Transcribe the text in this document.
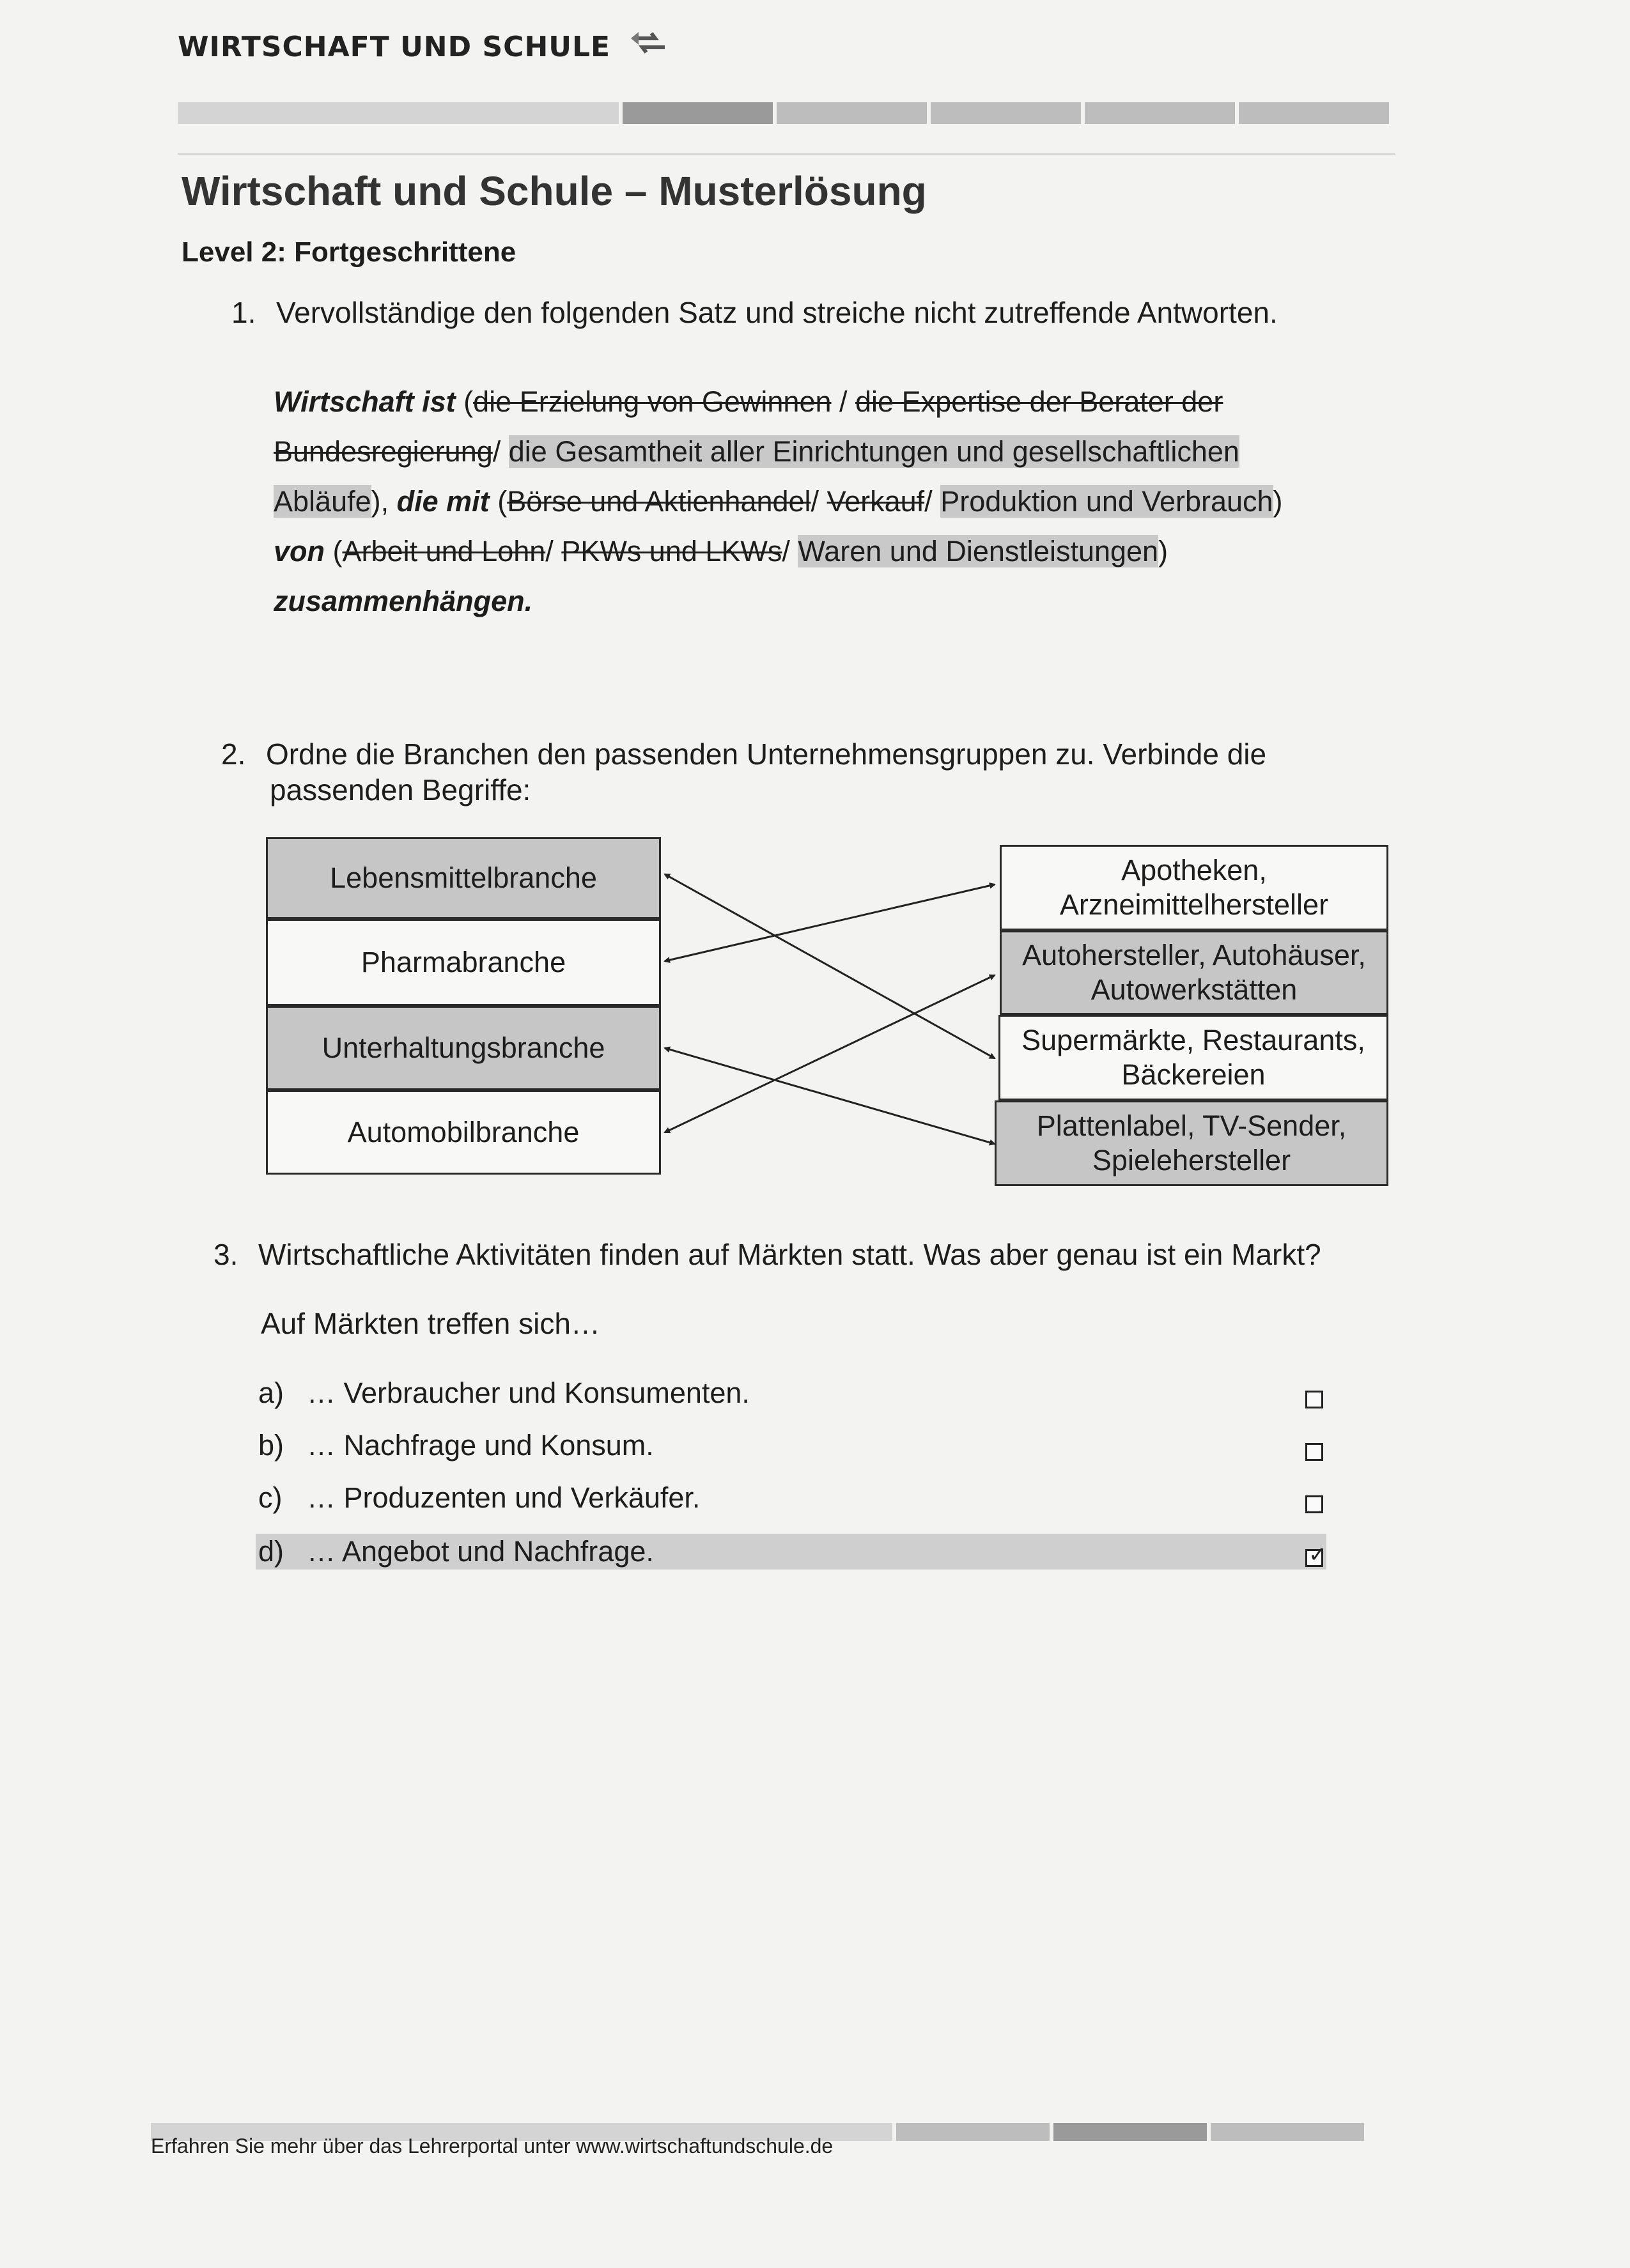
WIRTSCHAFT UND SCHULE
Wirtschaft und Schule – Musterlösung
Level 2: Fortgeschrittene
1. Vervollständige den folgenden Satz und streiche nicht zutreffende Antworten.
Wirtschaft ist (die Erzielung von Gewinnen / die Expertise der Berater der Bundesregierung/ die Gesamtheit aller Einrichtungen und gesellschaftlichen Abläufe), die mit (Börse und Aktienhandel/ Verkauf/ Produktion und Verbrauch) von (Arbeit und Lohn/ PKWs und LKWs/ Waren und Dienstleistungen) zusammenhängen.
2. Ordne die Branchen den passenden Unternehmensgruppen zu. Verbinde die
passenden Begriffe:
Lebensmittelbranche
Pharmabranche
Unterhaltungsbranche
Automobilbranche
Apotheken,
Arzneimittelhersteller
Autohersteller, Autohäuser,
Autowerkstätten
Supermärkte, Restaurants,
Bäckereien
Plattenlabel, TV-Sender,
Spielehersteller
3. Wirtschaftliche Aktivitäten finden auf Märkten statt. Was aber genau ist ein Markt?
Auf Märkten treffen sich…
a) … Verbraucher und Konsumenten.
b) … Nachfrage und Konsum.
c) … Produzenten und Verkäufer.
d) … Angebot und Nachfrage.	✓
Erfahren Sie mehr über das Lehrerportal unter www.wirtschaftundschule.de
